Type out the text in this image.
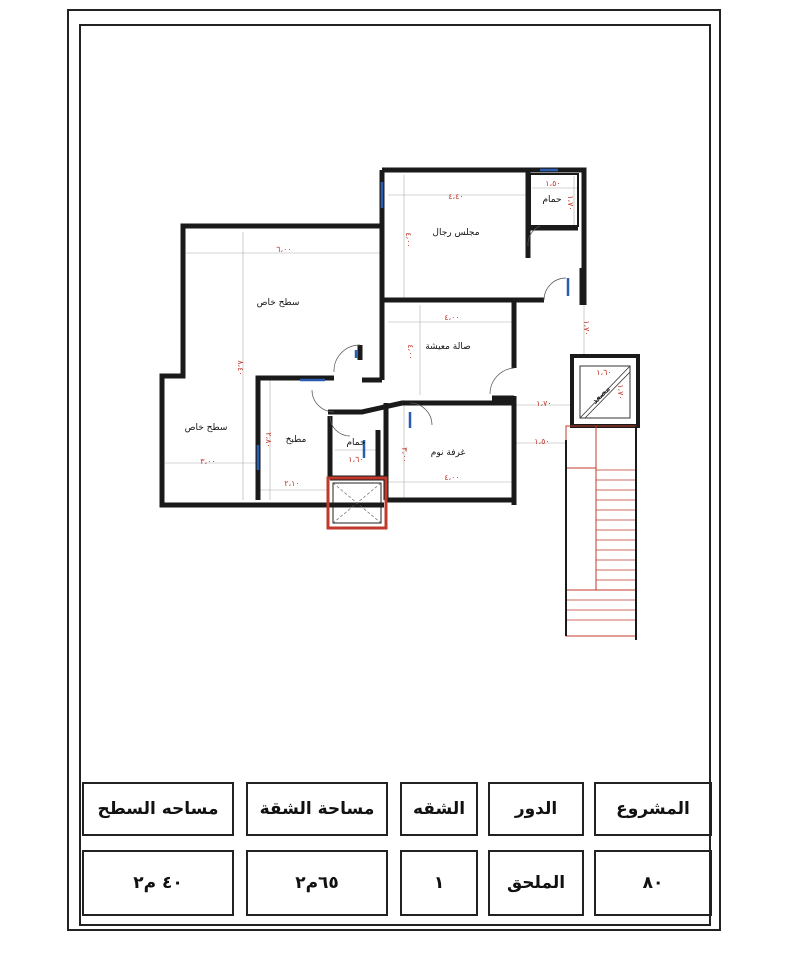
مجلس رجال
حمام
سطح خاص
سطح خاص
صالة معيشة
مطبخ	حمام
غرفة نوم
مصعد
٤،٤٠
٤،٠٠
١،٥٠
١،٧٠
٦،٠٠
٨،٤٠
٤،٠٠
٤،٠٠
١،٧٠
١،٧٠
١،٥٠
١،٦٠
١،٧٠
٣،٠٠
٢،١٠
٢،٨٠
١،٦٠
٤،٠٠
٣،٠٠
المشروع
الدور
الشقه
مساحة الشقة
مساحه السطح
٨٠
الملحق
١
٦٥م٢
٤٠ م٢
